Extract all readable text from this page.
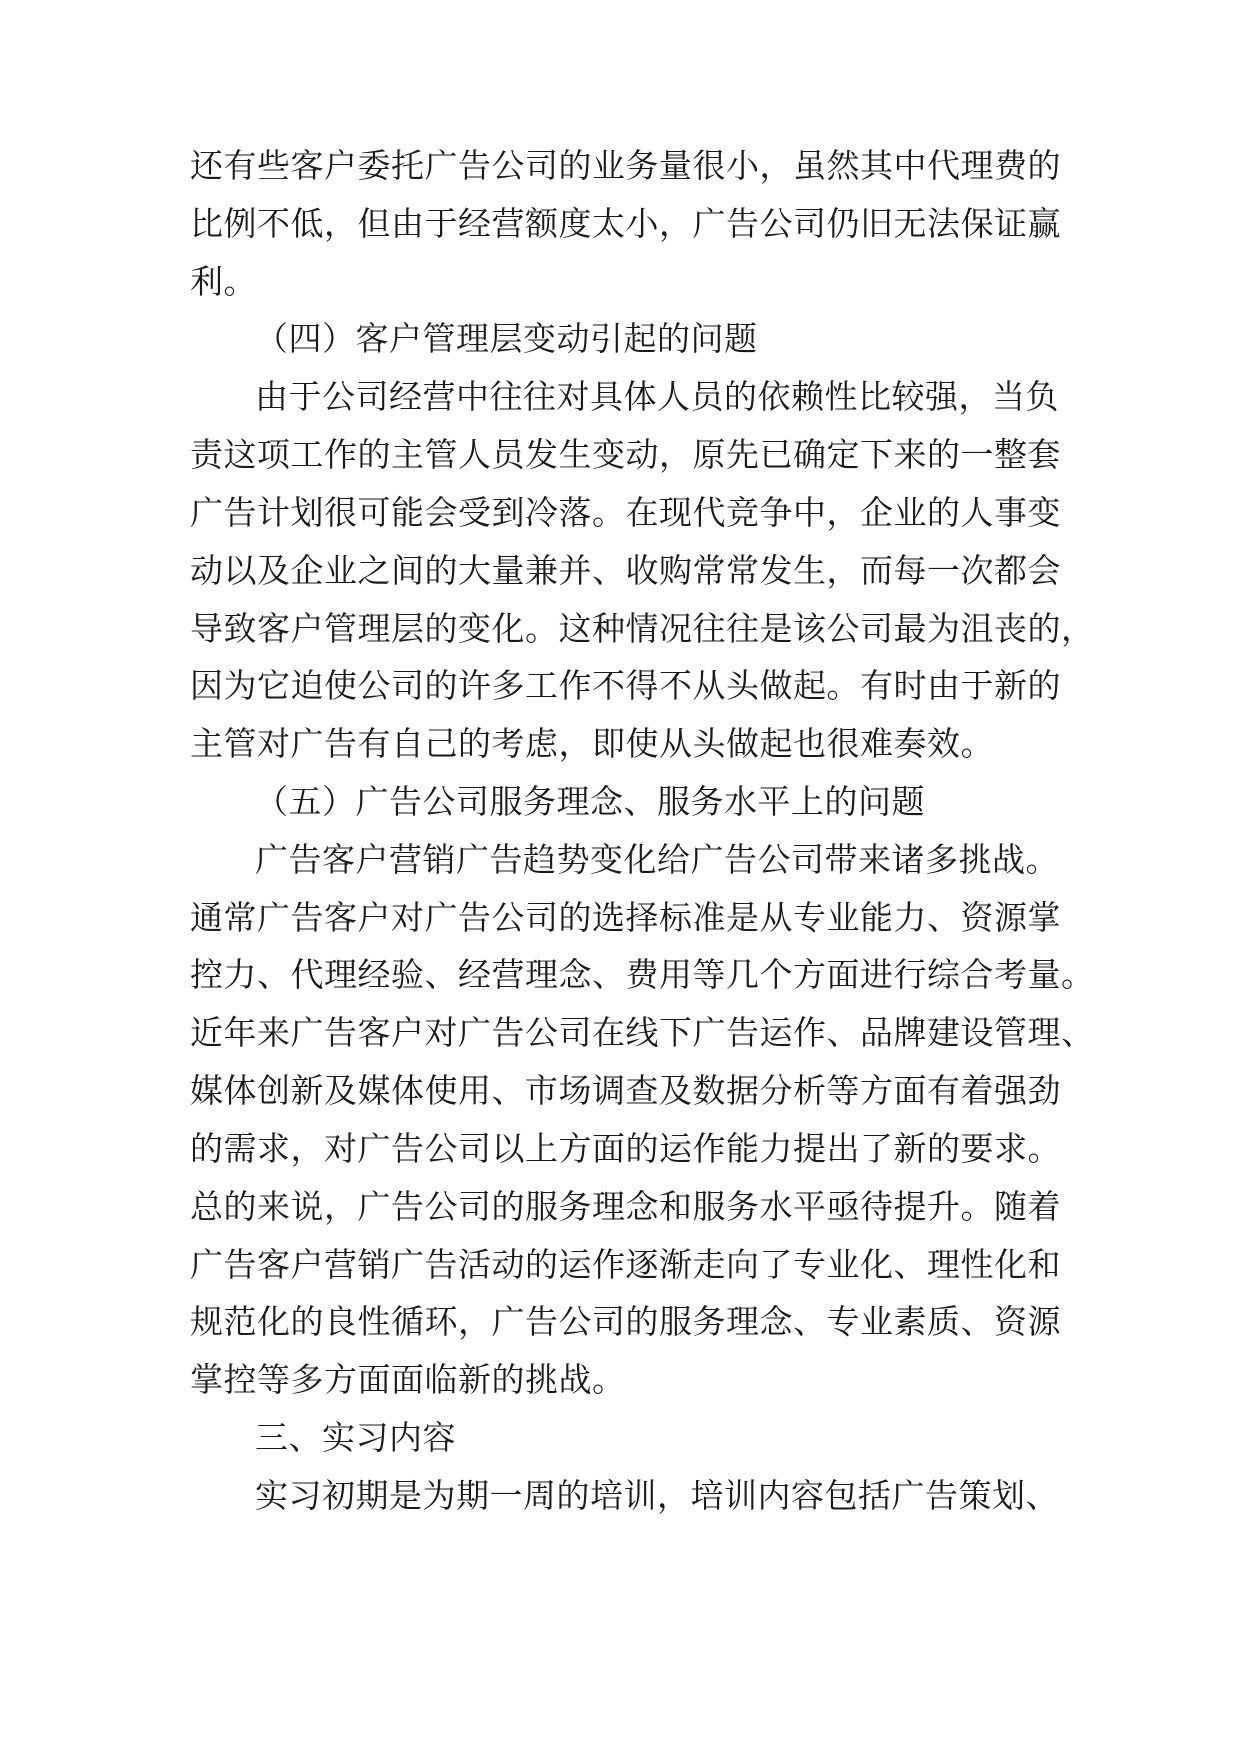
还有些客户委托广告公司的业务量很小，虽然其中代理费的
比例不低，但由于经营额度太小，广告公司仍旧无法保证赢
利。
（四）客户管理层变动引起的问题
由于公司经营中往往对具体人员的依赖性比较强，当负
责这项工作的主管人员发生变动，原先已确定下来的一整套
广告计划很可能会受到冷落。在现代竞争中，企业的人事变
动以及企业之间的大量兼并、收购常常发生，而每一次都会
导致客户管理层的变化。这种情况往往是该公司最为沮丧的，
因为它迫使公司的许多工作不得不从头做起。有时由于新的
主管对广告有自己的考虑，即使从头做起也很难奏效。
（五）广告公司服务理念、服务水平上的问题
广告客户营销广告趋势变化给广告公司带来诸多挑战。
通常广告客户对广告公司的选择标准是从专业能力、资源掌
控力、代理经验、经营理念、费用等几个方面进行综合考量。
近年来广告客户对广告公司在线下广告运作、品牌建设管理、
媒体创新及媒体使用、市场调查及数据分析等方面有着强劲
的需求，对广告公司以上方面的运作能力提出了新的要求。
总的来说，广告公司的服务理念和服务水平亟待提升。随着
广告客户营销广告活动的运作逐渐走向了专业化、理性化和
规范化的良性循环，广告公司的服务理念、专业素质、资源
掌控等多方面面临新的挑战。
三、实习内容
实习初期是为期一周的培训，培训内容包括广告策划、
